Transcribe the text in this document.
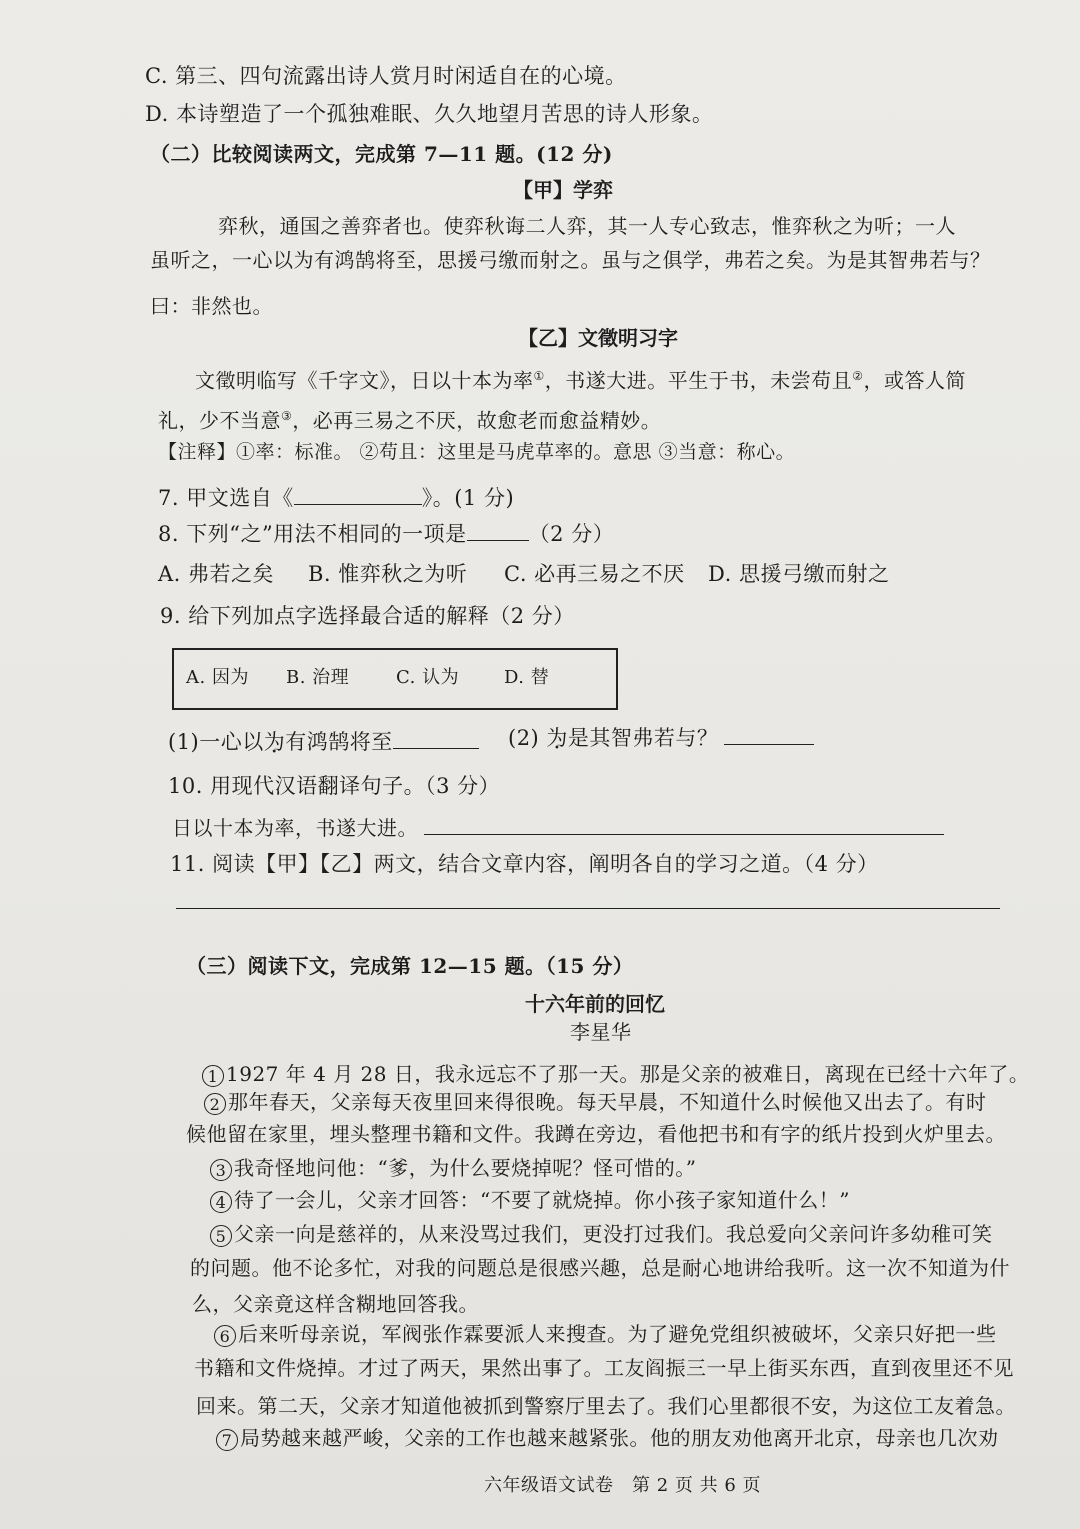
C. 第三、四句流露出诗人赏月时闲适自在的心境。
D. 本诗塑造了一个孤独难眠、久久地望月苦思的诗人形象。
（二）比较阅读两文，完成第 7—11 题。(12 分)
【甲】学弈
弈秋，通国之善弈者也。使弈秋诲二人弈，其一人专心致志，惟弈秋之为听；一人
虽听之，一心以为有鸿鹄将至，思援弓缴而射之。虽与之俱学，弗若之矣。为是其智弗若与？
曰：非然也。
【乙】文徵明习字
文徵明临写《千字文》，日以十本为率①，书遂大进。平生于书，未尝苟且②，或答人简
礼，少不当意③，必再三易之不厌，故愈老而愈益精妙。
【注释】①率：标准。 ②苟且：这里是马虎草率的。意思 ③当意：称心。
7. 甲文选自《	》。(1 分)
8. 下列“之”用法不相同的一项是	（2 分）
A. 弗若之矣 B. 惟弈秋之为听 C. 必再三易之不厌 D. 思援弓缴而射之
9. 给下列加点字选择最合适的解释（2 分）
A. 因为 B. 治理	C. 认为 D. 替
(1)一心以为有鸿鹄将至	(2) 为是其智弗若与？
10. 用现代汉语翻译句子。（3 分）
日以十本为率，书遂大进。
11. 阅读【甲】【乙】两文，结合文章内容，阐明各自的学习之道。（4 分）
（三）阅读下文，完成第 12—15 题。（15 分）
十六年前的回忆
李星华
1 1927 年 4 月 28 日，我永远忘不了那一天。那是父亲的被难日，离现在已经十六年了。
2 那年春天，父亲每天夜里回来得很晚。每天早晨，不知道什么时候他又出去了。有时
候他留在家里，埋头整理书籍和文件。我蹲在旁边，看他把书和有字的纸片投到火炉里去。
3 我奇怪地问他：“爹，为什么要烧掉呢？怪可惜的。”
4 待了一会儿，父亲才回答：“不要了就烧掉。你小孩子家知道什么！”
5 父亲一向是慈祥的，从来没骂过我们，更没打过我们。我总爱向父亲问许多幼稚可笑
的问题。他不论多忙，对我的问题总是很感兴趣，总是耐心地讲给我听。这一次不知道为什
么，父亲竟这样含糊地回答我。
6 后来听母亲说，军阀张作霖要派人来搜查。为了避免党组织被破坏，父亲只好把一些
书籍和文件烧掉。才过了两天，果然出事了。工友阎振三一早上街买东西，直到夜里还不见
回来。第二天，父亲才知道他被抓到警察厅里去了。我们心里都很不安，为这位工友着急。
7 局势越来越严峻，父亲的工作也越来越紧张。他的朋友劝他离开北京，母亲也几次劝
六年级语文试卷　第 2 页 共 6 页
